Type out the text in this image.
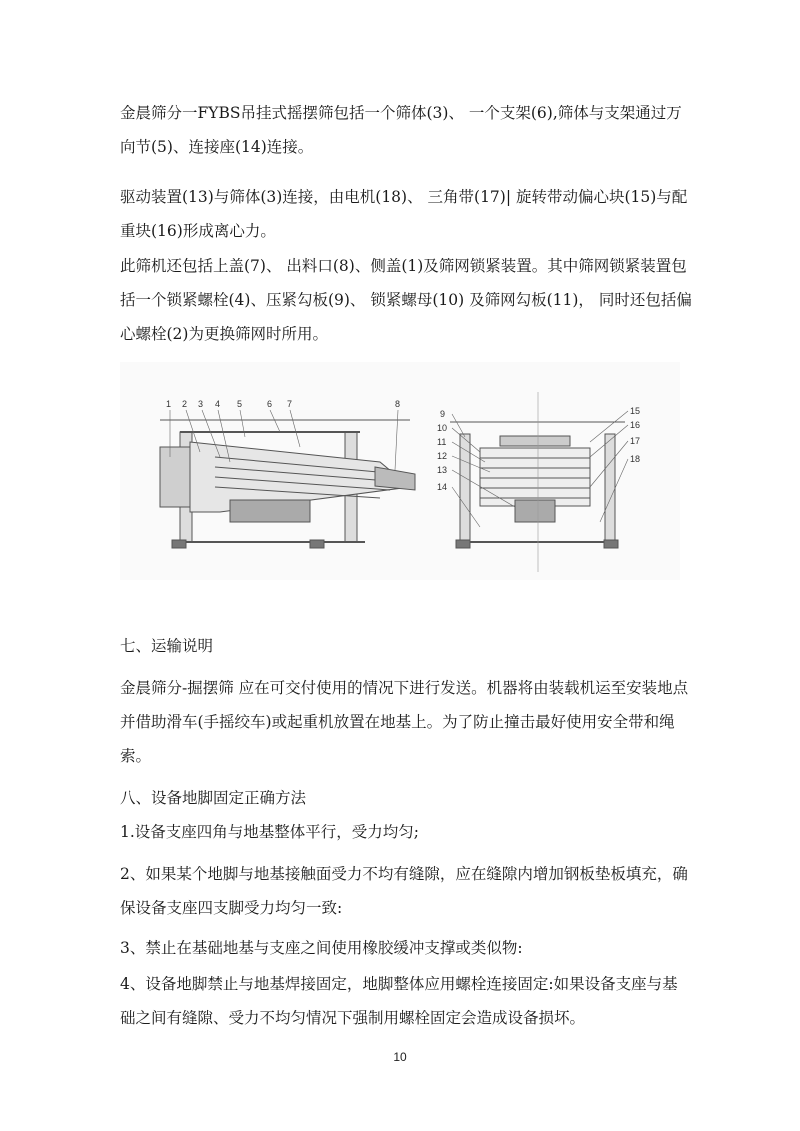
金晨筛分一FYBS吊挂式摇摆筛包括一个筛体(3)、 一个支架(6),筛体与支架通过万向节(5)、连接座(14)连接。

驱动装置(13)与筛体(3)连接，由电机(18)、 三角带(17)| 旋转带动偏心块(15)与配重块(16)形成离心力。

此筛机还包括上盖(7)、 出料口(8)、侧盖(1)及筛网锁紧装置。其中筛网锁紧装置包括一个锁紧螺栓(4)、压紧勾板(9)、 锁紧螺母(10) 及筛网勾板(11)， 同时还包括偏心螺栓(2)为更换筛网时所用。

1 2 3 4 5	6 7	8
9
10
11
12
13
14
15
16
17
18

七、运输说明

金晨筛分-掘摆筛 应在可交付使用的情况下进行发送。机器将由装载机运至安装地点并借助滑车(手摇绞车)或起重机放置在地基上。为了防止撞击最好使用安全带和绳索。

八、设备地脚固定正确方法

1.设备支座四角与地基整体平行，受力均匀;

2、如果某个地脚与地基接触面受力不均有缝隙，应在缝隙内增加钢板垫板填充，确保设备支座四支脚受力均匀一致:

3、禁止在基础地基与支座之间使用橡胶缓冲支撑或类似物:

4、设备地脚禁止与地基焊接固定，地脚整体应用螺栓连接固定:如果设备支座与基础之间有缝隙、受力不均匀情况下强制用螺栓固定会造成设备损坏。

10
